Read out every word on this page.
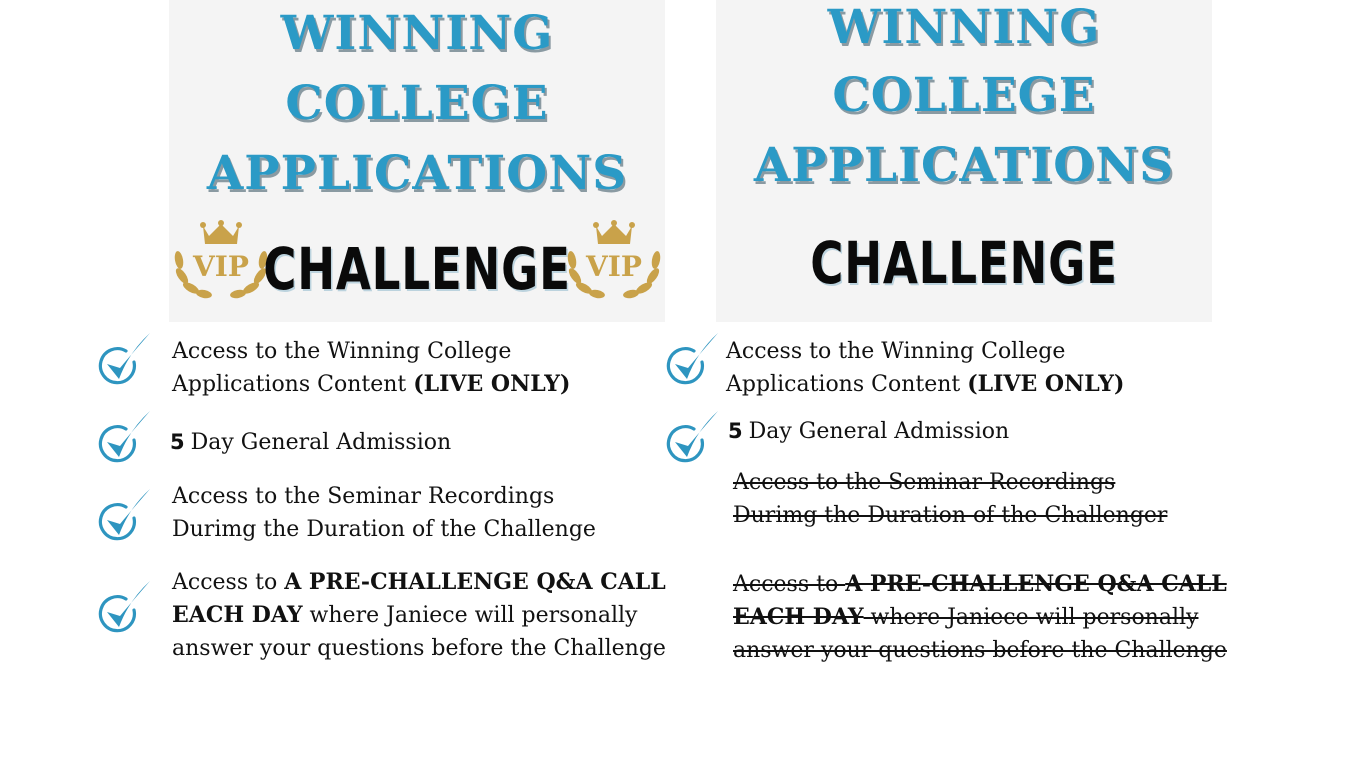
WINNING
COLLEGE
APPLICATIONS
VIP CHALLENGE VIP
WINNING
COLLEGE
APPLICATIONS
CHALLENGE
Access to the Winning College
Applications Content (LIVE ONLY)
5 Day General Admission
Access to the Seminar Recordings
Durimg the Duration of the Challenge
Access to A PRE-CHALLENGE Q&A CALL
EACH DAY where Janiece will personally
answer your questions before the Challenge
Access to the Winning College
Applications Content (LIVE ONLY)
5 Day General Admission
Access to the Seminar Recordings
Durimg the Duration of the Challenger
Access to A PRE-CHALLENGE Q&A CALL
EACH DAY where Janiece will personally
answer your questions before the Challenge
